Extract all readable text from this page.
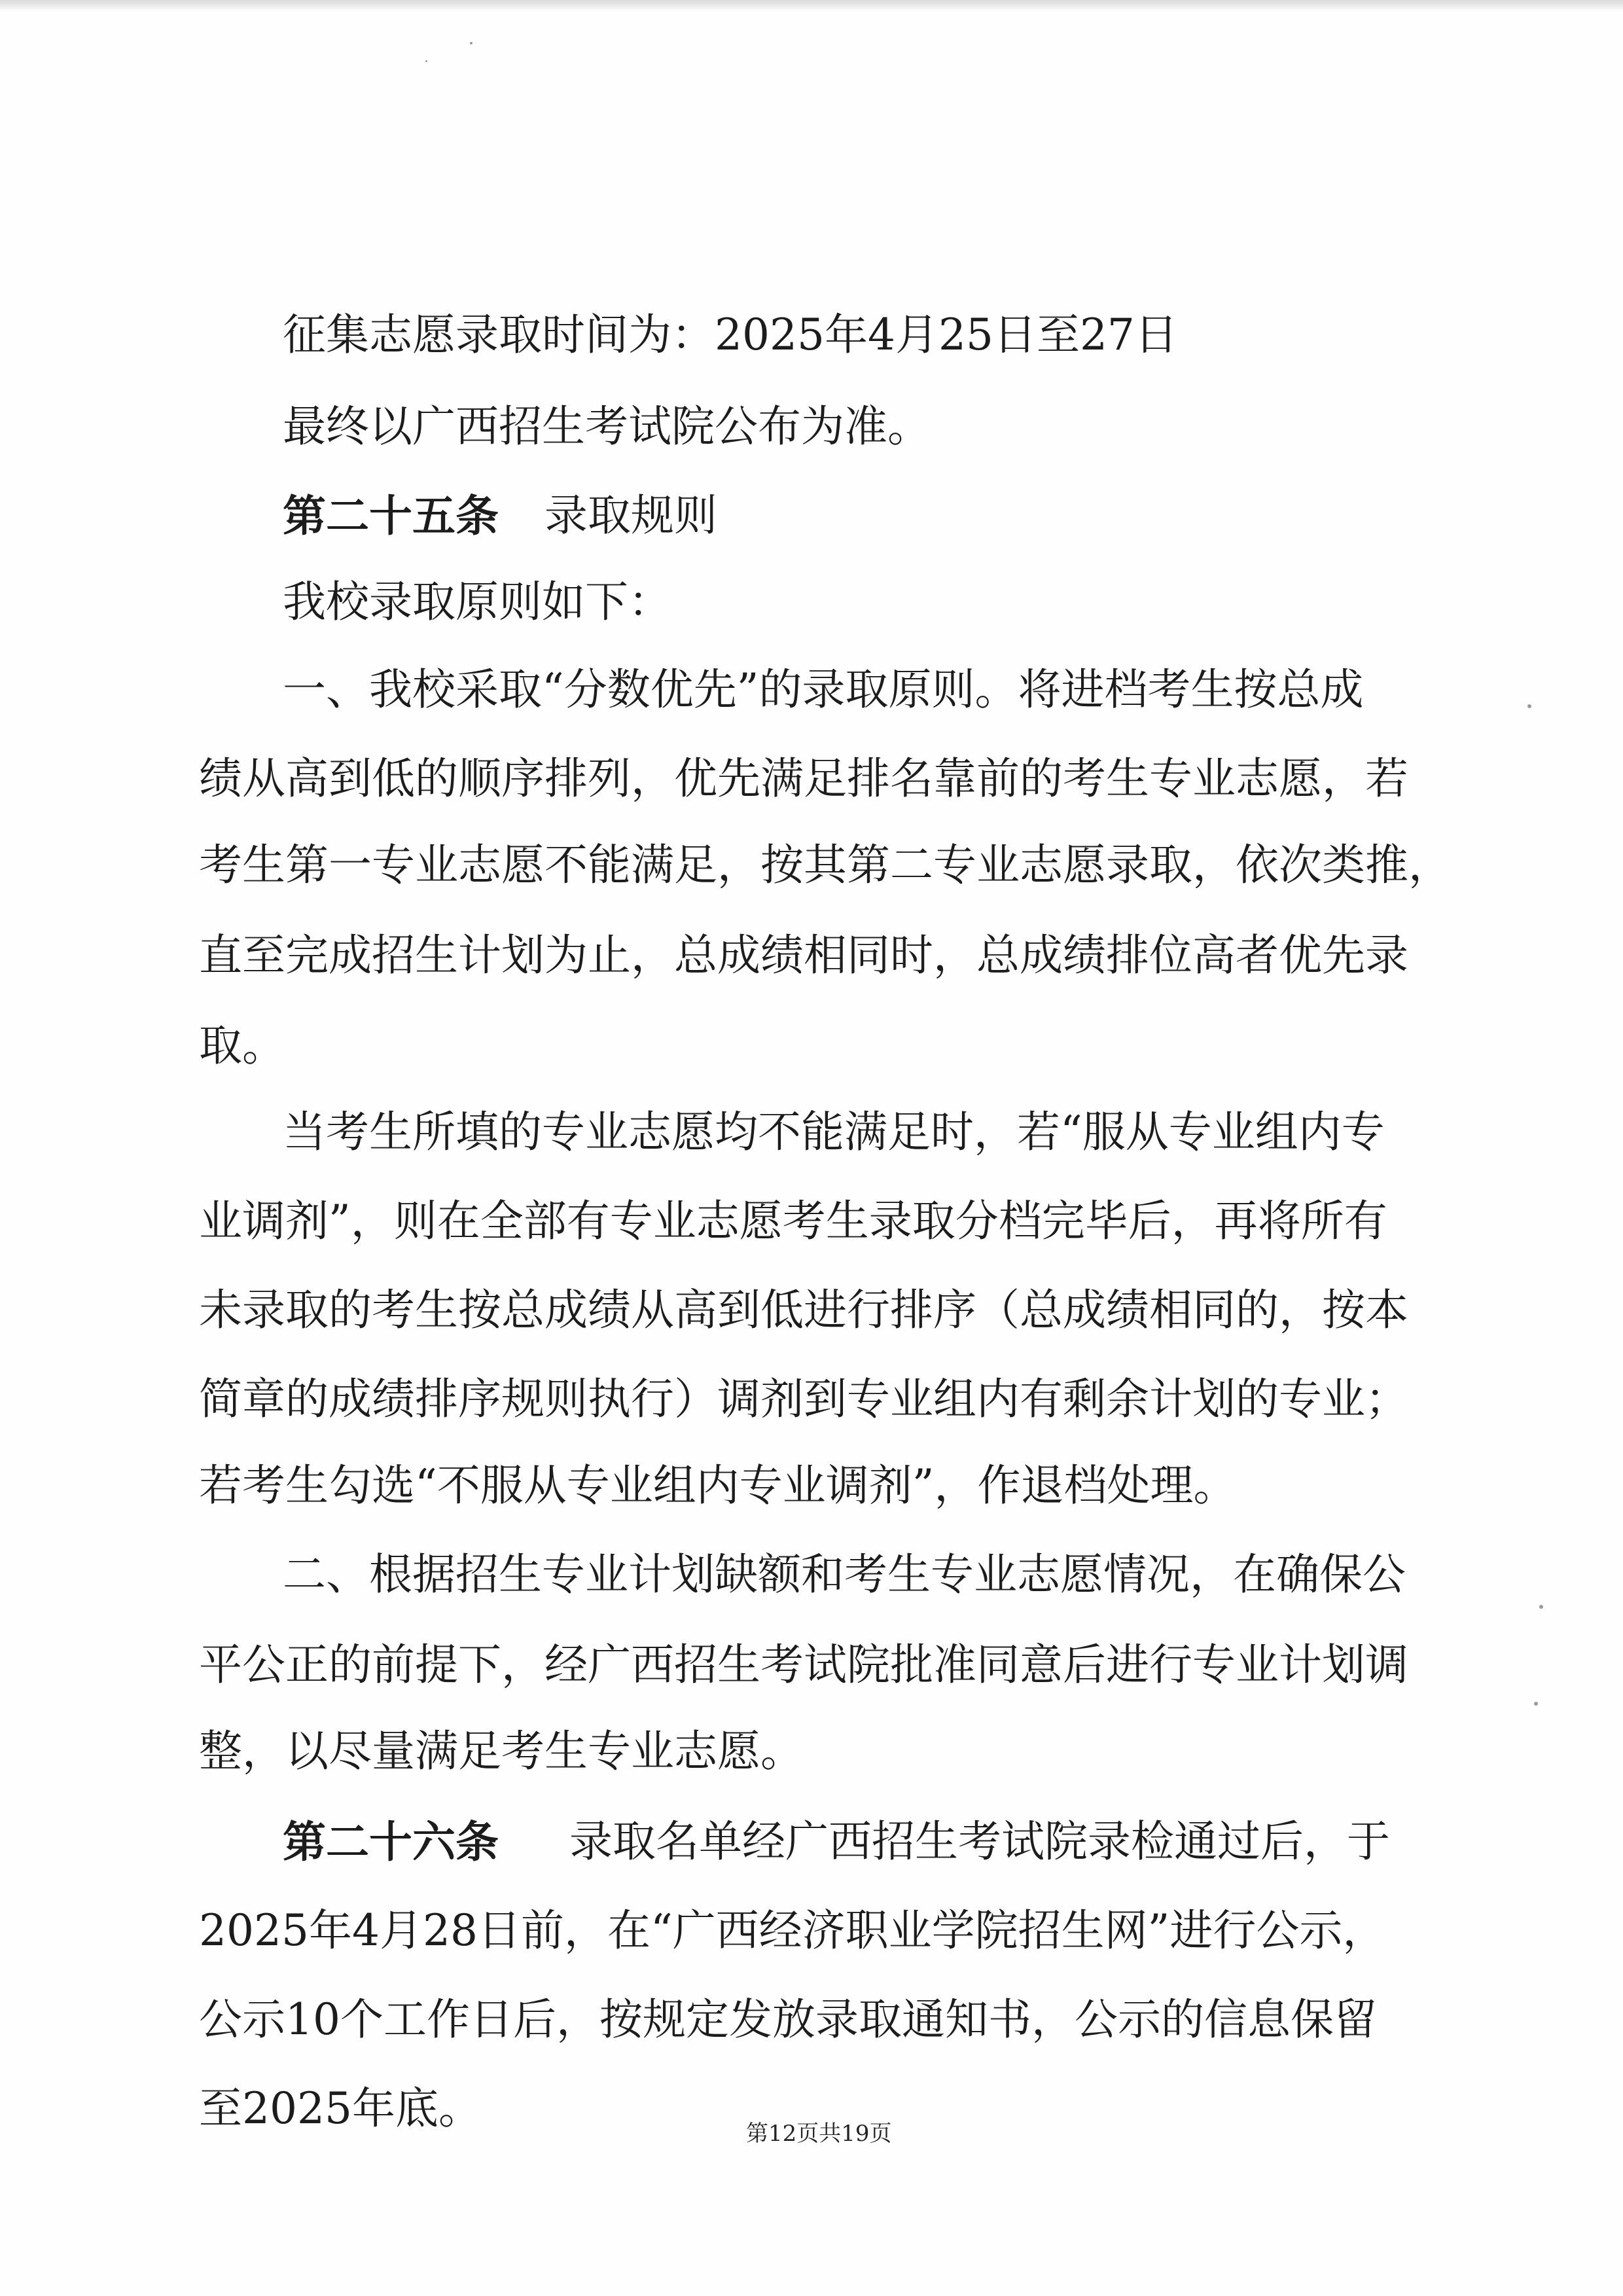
征集志愿录取时间为：2025年4月25日至27日
最终以广西招生考试院公布为准。
第二十五条 录取规则
我校录取原则如下：
一、我校采取“分数优先”的录取原则。将进档考生按总成
绩从高到低的顺序排列，优先满足排名靠前的考生专业志愿，若
考生第一专业志愿不能满足，按其第二专业志愿录取，依次类推，
直至完成招生计划为止，总成绩相同时，总成绩排位高者优先录
取。
当考生所填的专业志愿均不能满足时，若“服从专业组内专
业调剂”，则在全部有专业志愿考生录取分档完毕后，再将所有
未录取的考生按总成绩从高到低进行排序（总成绩相同的，按本
简章的成绩排序规则执行）调剂到专业组内有剩余计划的专业；
若考生勾选“不服从专业组内专业调剂”，作退档处理。
二、根据招生专业计划缺额和考生专业志愿情况，在确保公
平公正的前提下，经广西招生考试院批准同意后进行专业计划调
整，以尽量满足考生专业志愿。
第二十六条 录取名单经广西招生考试院录检通过后，于
2025年4月28日前，在“广西经济职业学院招生网”进行公示，
公示10个工作日后，按规定发放录取通知书，公示的信息保留
至2025年底。	第12页共19页
